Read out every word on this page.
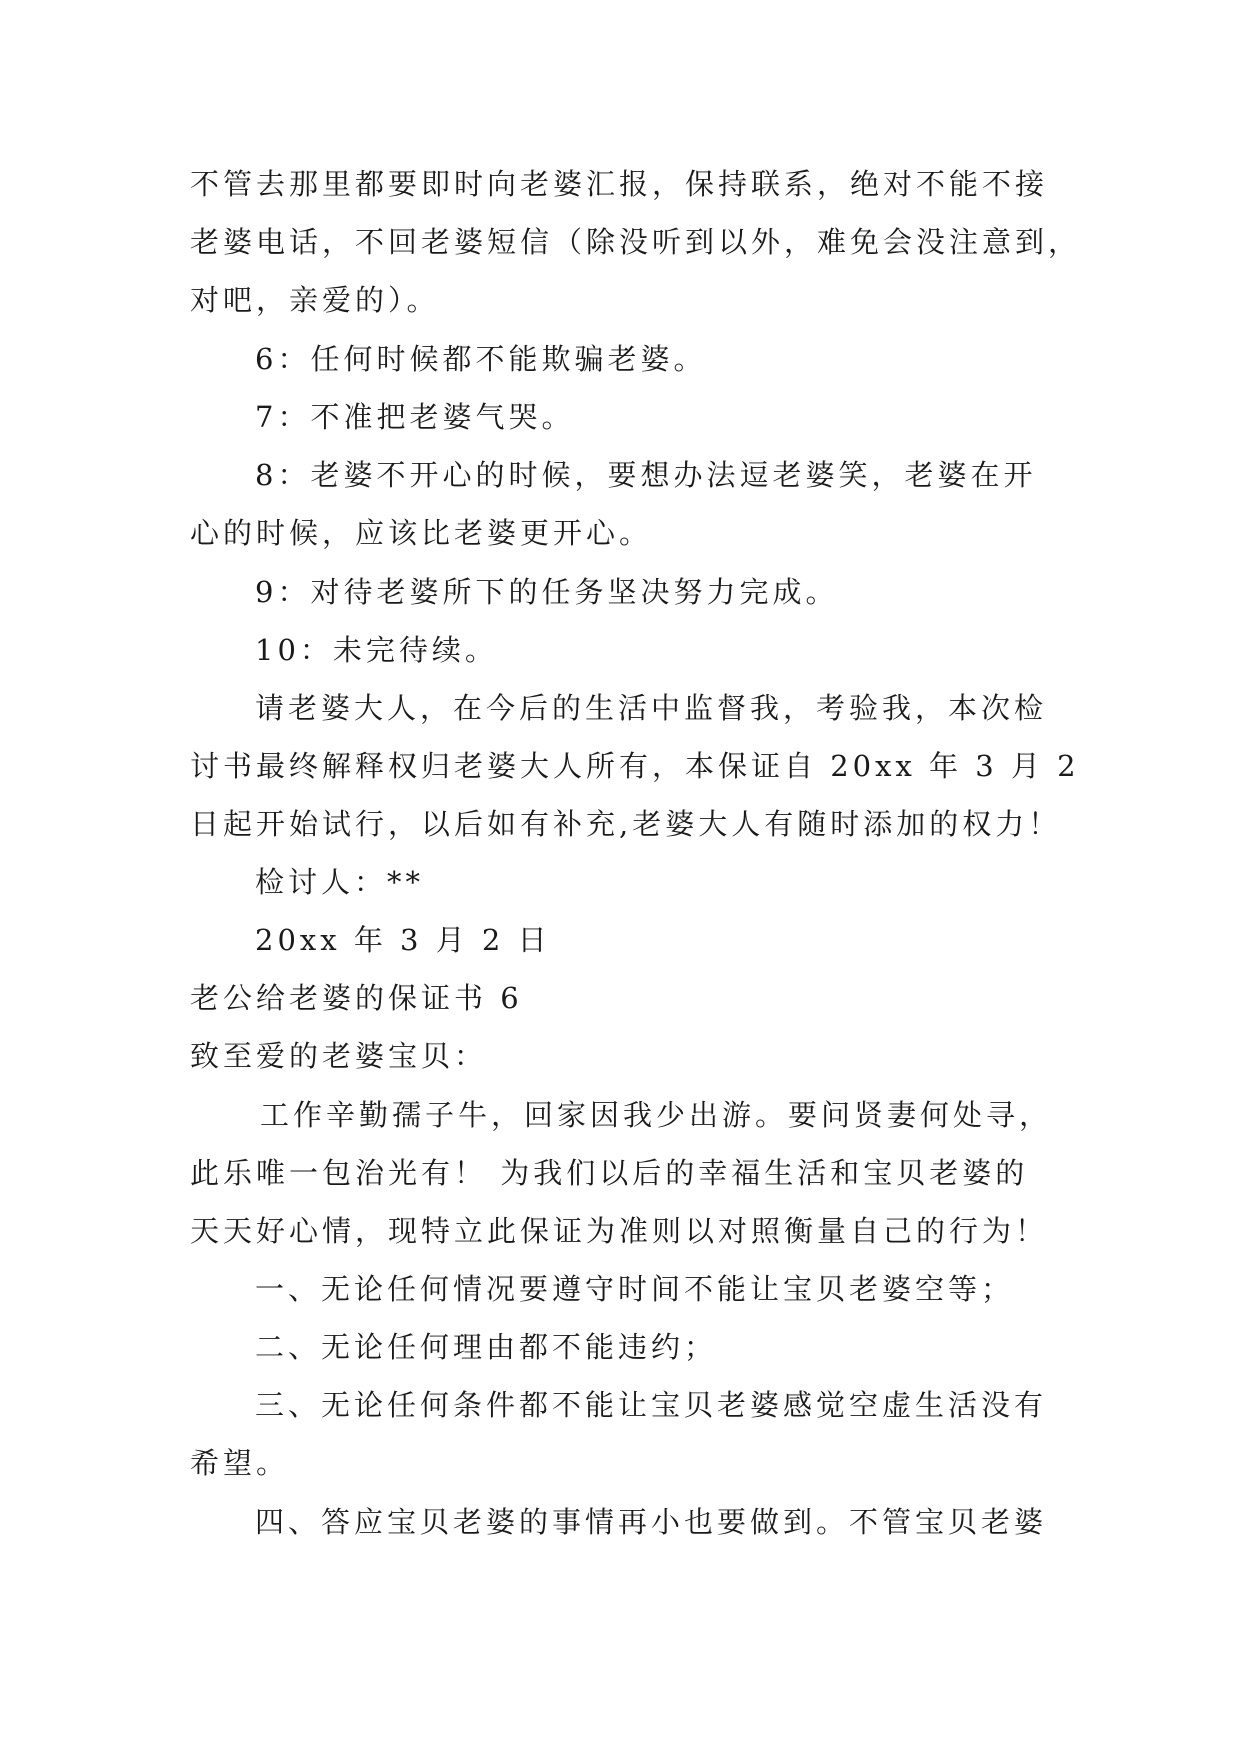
不管去那里都要即时向老婆汇报，保持联系，绝对不能不接
老婆电话，不回老婆短信（除没听到以外，难免会没注意到，
对吧，亲爱的）。
6：任何时候都不能欺骗老婆。
7：不准把老婆气哭。
8：老婆不开心的时候，要想办法逗老婆笑，老婆在开
心的时候，应该比老婆更开心。
9：对待老婆所下的任务坚决努力完成。
10：未完待续。
请老婆大人，在今后的生活中监督我，考验我，本次检
讨书最终解释权归老婆大人所有，本保证自 20xx 年 3 月 2
日起开始试行，以后如有补充,老婆大人有随时添加的权力！
检讨人：**
20xx 年 3 月 2 日
老公给老婆的保证书 6
致至爱的老婆宝贝：
工作辛勤孺子牛，回家因我少出游。要问贤妻何处寻，
此乐唯一包治光有！ 为我们以后的幸福生活和宝贝老婆的
天天好心情，现特立此保证为准则以对照衡量自己的行为！
一、无论任何情况要遵守时间不能让宝贝老婆空等；
二、无论任何理由都不能违约；
三、无论任何条件都不能让宝贝老婆感觉空虚生活没有
希望。
四、答应宝贝老婆的事情再小也要做到。不管宝贝老婆
